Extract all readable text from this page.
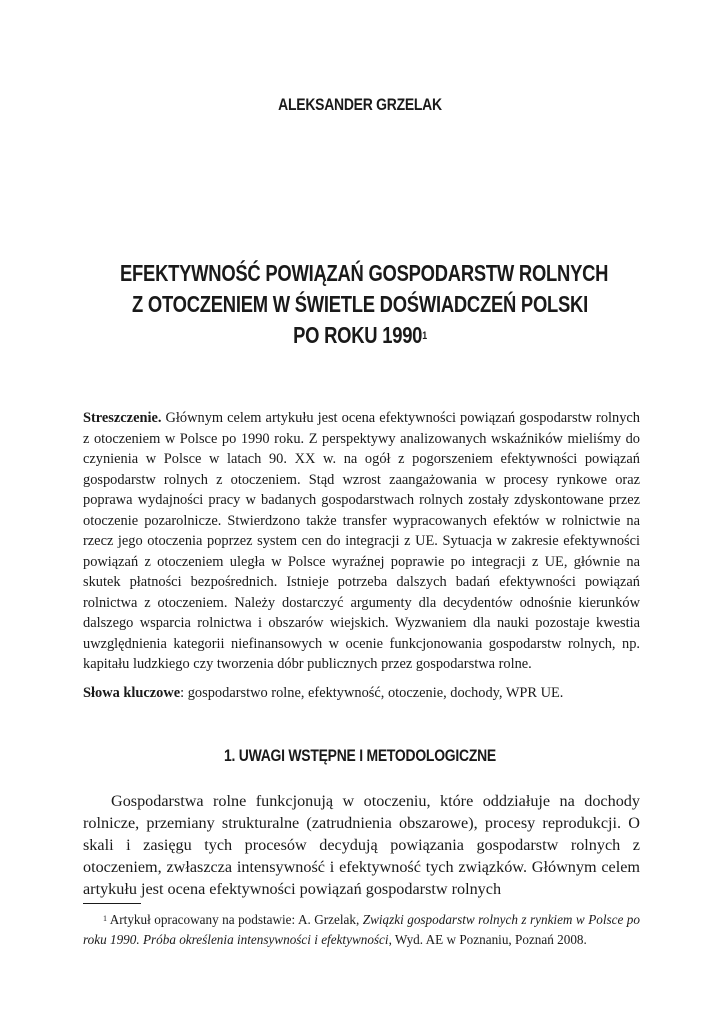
ALEKSANDER GRZELAK
EFEKTYWNOŚĆ POWIĄZAŃ GOSPODARSTW ROLNYCH
Z OTOCZENIEM W ŚWIETLE DOŚWIADCZEŃ POLSKI
PO ROKU 1990$^1$
Streszczenie. Głównym celem artykułu jest ocena efektywności powiązań gospodarstw rolnych z otoczeniem w Polsce po 1990 roku. Z perspektywy analizowanych wskaźników mieliśmy do czynienia w Polsce w latach 90. XX w. na ogół z pogorszeniem efektywności powiązań gospodarstw rolnych z otoczeniem. Stąd wzrost zaangażowania w procesy rynkowe oraz poprawa wydajności pracy w badanych gospodarstwach rolnych zostały zdyskontowane przez otoczenie pozarolnicze. Stwierdzono także transfer wypracowanych efektów w rolnictwie na rzecz jego otoczenia poprzez system cen do integracji z UE. Sytuacja w zakresie efektywności powiązań z otoczeniem uległa w Polsce wyraźnej poprawie po integracji z UE, głównie na skutek płatności bezpośrednich. Istnieje potrzeba dalszych badań efektywności powiązań rolnictwa z otoczeniem. Należy dostarczyć argumenty dla decydentów odnośnie kierunków dalszego wsparcia rolnictwa i obszarów wiejskich. Wyzwaniem dla nauki pozostaje kwestia uwzględnienia kategorii niefinansowych w ocenie funkcjonowania gospodarstw rolnych, np. kapitału ludzkiego czy tworzenia dóbr publicznych przez gospodarstwa rolne.
Słowa kluczowe: gospodarstwo rolne, efektywność, otoczenie, dochody, WPR UE.
1. UWAGI WSTĘPNE I METODOLOGICZNE
Gospodarstwa rolne funkcjonują w otoczeniu, które oddziałuje na dochody rolnicze, przemiany strukturalne (zatrudnienia obszarowe), procesy reprodukcji. O skali i zasięgu tych procesów decydują powiązania gospodarstw rolnych z otoczeniem, zwłaszcza intensywność i efektywność tych związków. Głównym celem artykułu jest ocena efektywności powiązań gospodarstw rolnych
$^1$ Artykuł opracowany na podstawie: A. Grzelak, Związki gospodarstw rolnych z rynkiem w Polsce po roku 1990. Próba określenia intensywności i efektywności, Wyd. AE w Poznaniu, Poznań 2008.
